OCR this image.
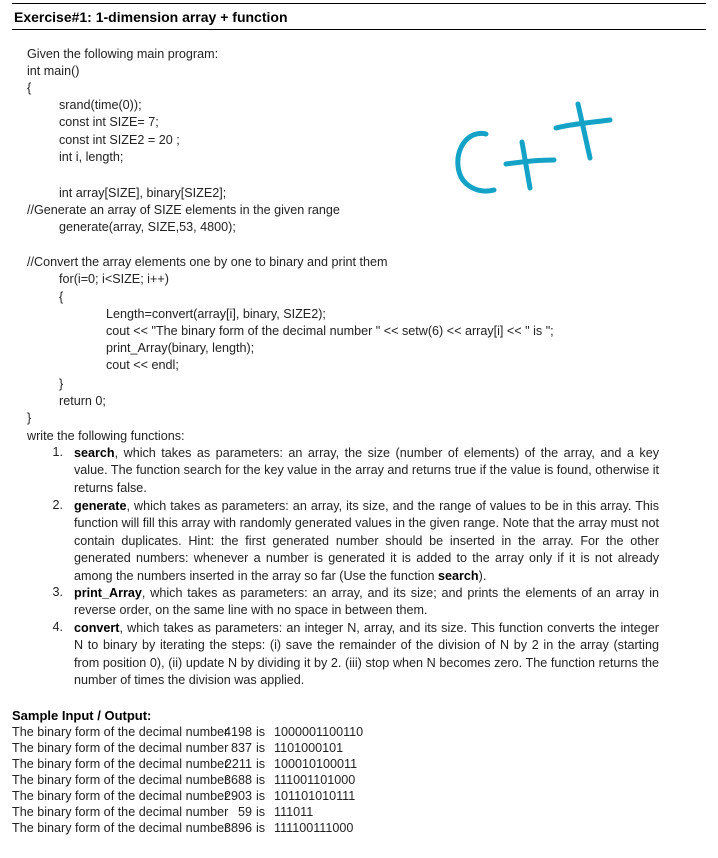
Exercise#1: 1-dimension array + function
Given the following main program:
int main()
{
srand(time(0));
const int SIZE= 7;
const int SIZE2 = 20 ;
int i, length;
int array[SIZE], binary[SIZE2];
//Generate an array of SIZE elements in the given range
generate(array, SIZE,53, 4800);
//Convert the array elements one by one to binary and print them
for(i=0; i<SIZE; i++)
{
Length=convert(array[i], binary, SIZE2);
cout << "The binary form of the decimal number " << setw(6) << array[i] << " is ";
print_Array(binary, length);
cout << endl;
}
return 0;
}
write the following functions:
1. search, which takes as parameters: an array, the size (number of elements) of the array, and a key value. The function search for the key value in the array and returns true if the value is found, otherwise it returns false.
2. generate, which takes as parameters: an array, its size, and the range of values to be in this array. This function will fill this array with randomly generated values in the given range. Note that the array must not contain duplicates. Hint: the first generated number should be inserted in the array. For the other generated numbers: whenever a number is generated it is added to the array only if it is not already among the numbers inserted in the array so far (Use the function search).
3. print_Array, which takes as parameters: an array, and its size; and prints the elements of an array in reverse order, on the same line with no space in between them.
4. convert, which takes as parameters: an integer N, array, and its size. This function converts the integer N to binary by iterating the steps: (i) save the remainder of the division of N by 2 in the array (starting from position 0), (ii) update N by dividing it by 2. (iii) stop when N becomes zero. The function returns the number of times the division was applied.
Sample Input / Output:
The binary form of the decimal number
4198 is 1000001100110
The binary form of the decimal number 837 is 1101000101
The binary form of the decimal number
2211 is 100010100011
The binary form of the decimal number
3688 is 111001101000
The binary form of the decimal number
2903 is 101101010111
The binary form of the decimal number 59 is 111011
The binary form of the decimal number
3896 is 111100111000
